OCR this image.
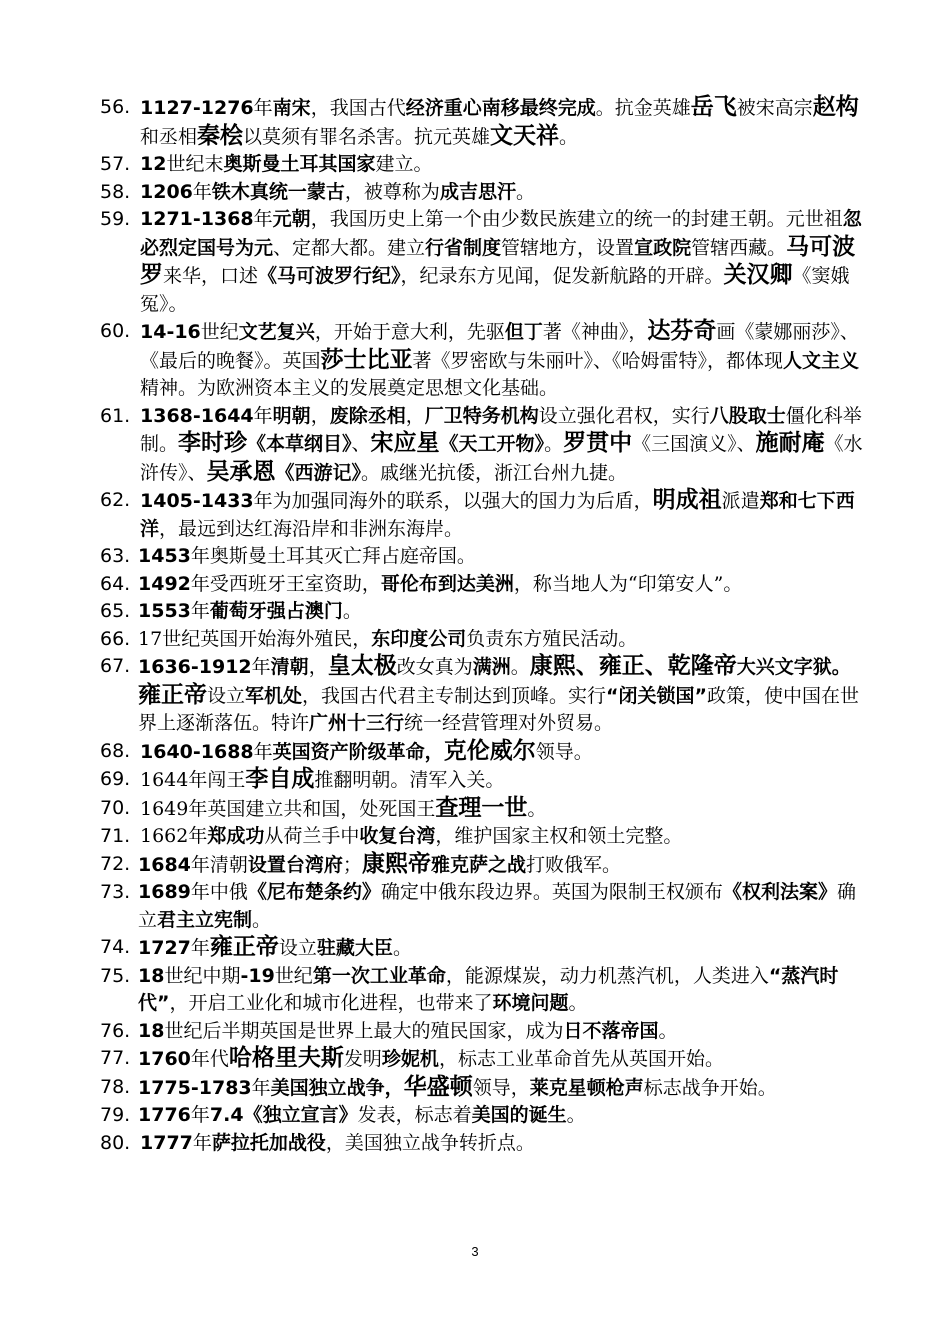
56. 1127-1276年南宋，我国古代经济重心南移最终完成。抗金英雄岳飞被宋高宗赵构和丞相秦桧以莫须有罪名杀害。抗元英雄文天祥。
57. 12世纪末奥斯曼土耳其国家建立。
58. 1206年铁木真统一蒙古，被尊称为成吉思汗。
59. 1271-1368年元朝，我国历史上第一个由少数民族建立的统一的封建王朝。元世祖忽必烈定国号为元、定都大都。建立行省制度管辖地方，设置宣政院管辖西藏。马可波罗来华，口述《马可波罗行纪》，纪录东方见闻，促发新航路的开辟。关汉卿《窦娥冤》。
60. 14-16世纪文艺复兴，开始于意大利，先驱但丁著《神曲》，达芬奇画《蒙娜丽莎》、《最后的晚餐》。英国莎士比亚著《罗密欧与朱丽叶》、《哈姆雷特》，都体现人文主义精神。为欧洲资本主义的发展奠定思想文化基础。
61. 1368-1644年明朝，废除丞相，厂卫特务机构设立强化君权，实行八股取士僵化科举制。李时珍《本草纲目》、宋应星《天工开物》。罗贯中《三国演义》、施耐庵《水浒传》、吴承恩《西游记》。戚继光抗倭，浙江台州九捷。
62. 1405-1433年为加强同海外的联系，以强大的国力为后盾，明成祖派遣郑和七下西洋，最远到达红海沿岸和非洲东海岸。
63. 1453年奥斯曼土耳其灭亡拜占庭帝国。
64. 1492年受西班牙王室资助，哥伦布到达美洲，称当地人为“印第安人”。
65. 1553年葡萄牙强占澳门。
66. 17世纪英国开始海外殖民，东印度公司负责东方殖民活动。
67. 1636-1912年清朝，皇太极改女真为满洲。康熙、雍正、乾隆帝大兴文字狱。雍正帝设立军机处，我国古代君主专制达到顶峰。实行“闭关锁国”政策，使中国在世界上逐渐落伍。特许广州十三行统一经营管理对外贸易。
68. 1640-1688年英国资产阶级革命，克伦威尔领导。
69. 1644年闯王李自成推翻明朝。清军入关。
70. 1649年英国建立共和国，处死国王查理一世。
71. 1662年郑成功从荷兰手中收复台湾，维护国家主权和领土完整。
72. 1684年清朝设置台湾府；康熙帝雅克萨之战打败俄军。
73. 1689年中俄《尼布楚条约》确定中俄东段边界。英国为限制王权颁布《权利法案》确立君主立宪制。
74. 1727年雍正帝设立驻藏大臣。
75. 18世纪中期-19世纪第一次工业革命，能源煤炭，动力机蒸汽机，人类进入“蒸汽时代”，开启工业化和城市化进程，也带来了环境问题。
76. 18世纪后半期英国是世界上最大的殖民国家，成为日不落帝国。
77. 1760年代哈格里夫斯发明珍妮机，标志工业革命首先从英国开始。
78. 1775-1783年美国独立战争，华盛顿领导，莱克星顿枪声标志战争开始。
79. 1776年7.4《独立宣言》发表，标志着美国的诞生。
80. 1777年萨拉托加战役，美国独立战争转折点。
3
